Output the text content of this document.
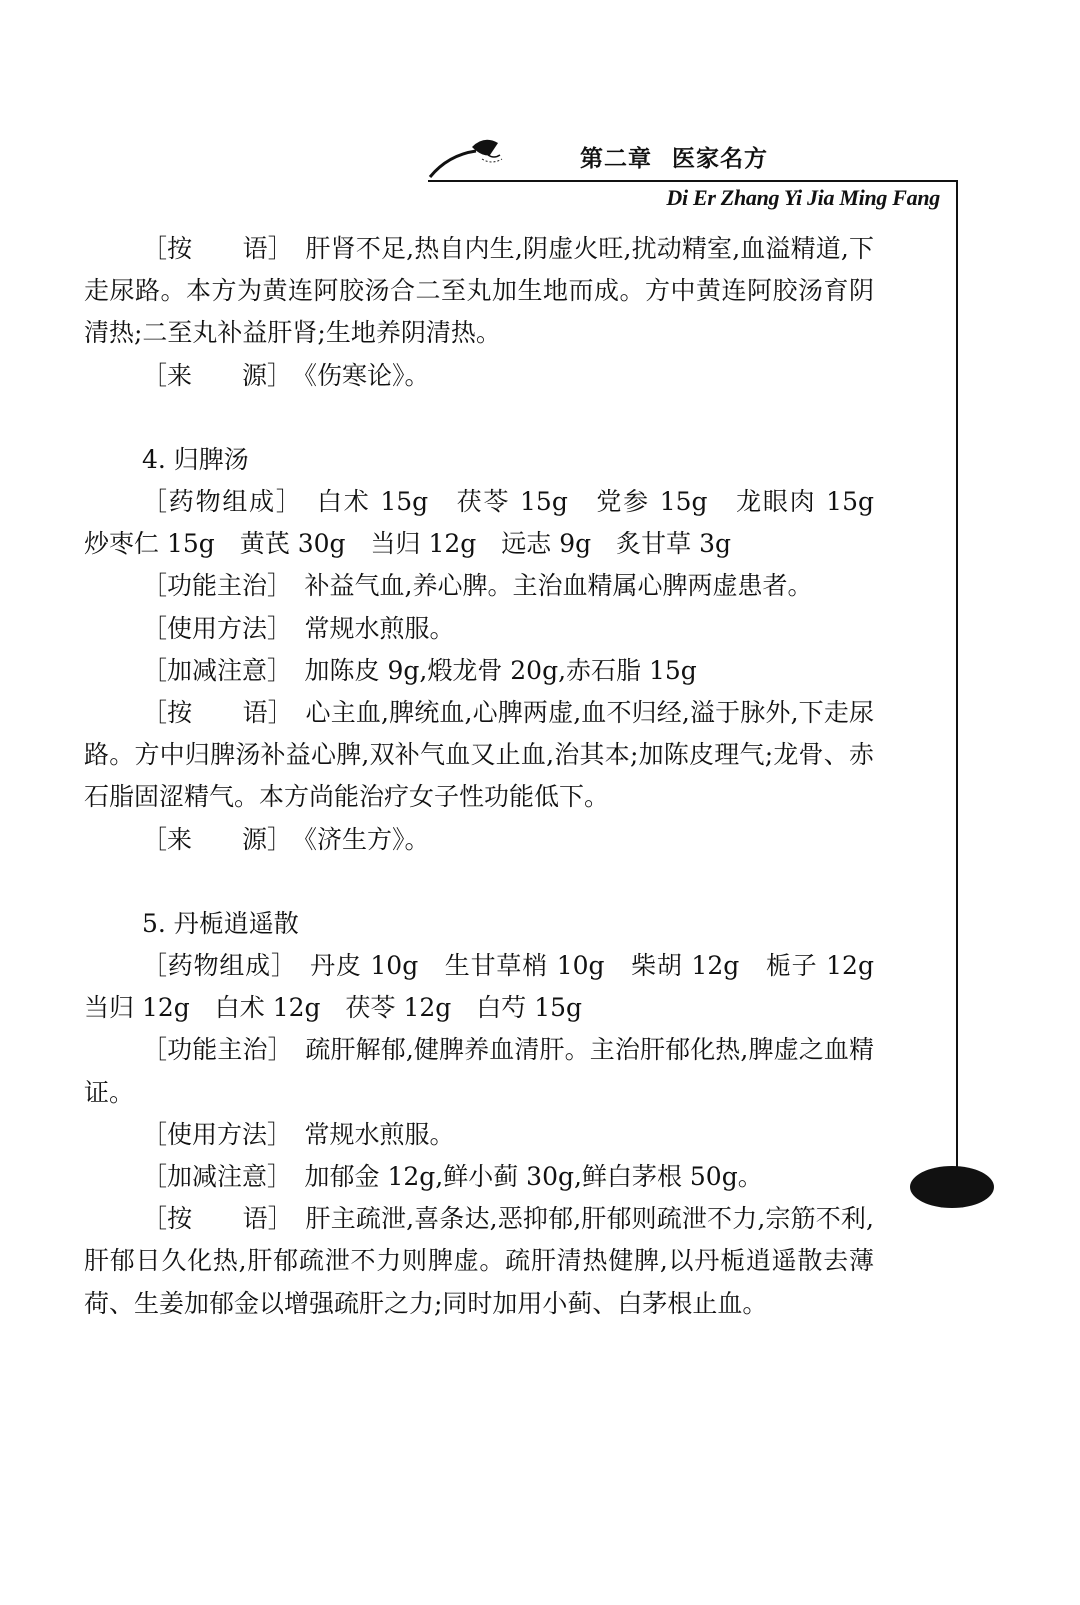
第二章 医家名方
Di Er Zhang Yi Jia Ming Fang

［按　　语］　 肝肾不足,热自内生,阴虚火旺,扰动精室,血溢精道,下走尿路。本方为黄连阿胶汤合二至丸加生地而成。方中黄连阿胶汤育阴清热;二至丸补益肝肾;生地养阴清热。

［来　　源］　 《伤寒论》。

4. 归脾汤

［药物组成］　 白术 15g　茯苓 15g　党参 15g　龙眼肉 15g　炒枣仁 15g　黄芪 30g　当归 12g　远志 9g　炙甘草 3g

［功能主治］　 补益气血,养心脾。主治血精属心脾两虚患者。

［使用方法］　 常规水煎服。

［加减注意］　 加陈皮 9g,煅龙骨 20g,赤石脂 15g

［按　　语］　 心主血,脾统血,心脾两虚,血不归经,溢于脉外,下走尿路。方中归脾汤补益心脾,双补气血又止血,治其本;加陈皮理气;龙骨、赤石脂固涩精气。本方尚能治疗女子性功能低下。

［来　　源］　 《济生方》。

5. 丹栀逍遥散

［药物组成］　 丹皮 10g　生甘草梢 10g　柴胡 12g　栀子 12g　当归 12g　白术 12g　茯苓 12g　白芍 15g

［功能主治］　 疏肝解郁,健脾养血清肝。主治肝郁化热,脾虚之血精证。

［使用方法］　 常规水煎服。

［加减注意］　 加郁金 12g,鲜小蓟 30g,鲜白茅根 50g。

［按　　语］　 肝主疏泄,喜条达,恶抑郁,肝郁则疏泄不力,宗筋不利,肝郁日久化热,肝郁疏泄不力则脾虚。疏肝清热健脾,以丹栀逍遥散去薄荷、生姜加郁金以增强疏肝之力;同时加用小蓟、白茅根止血。
